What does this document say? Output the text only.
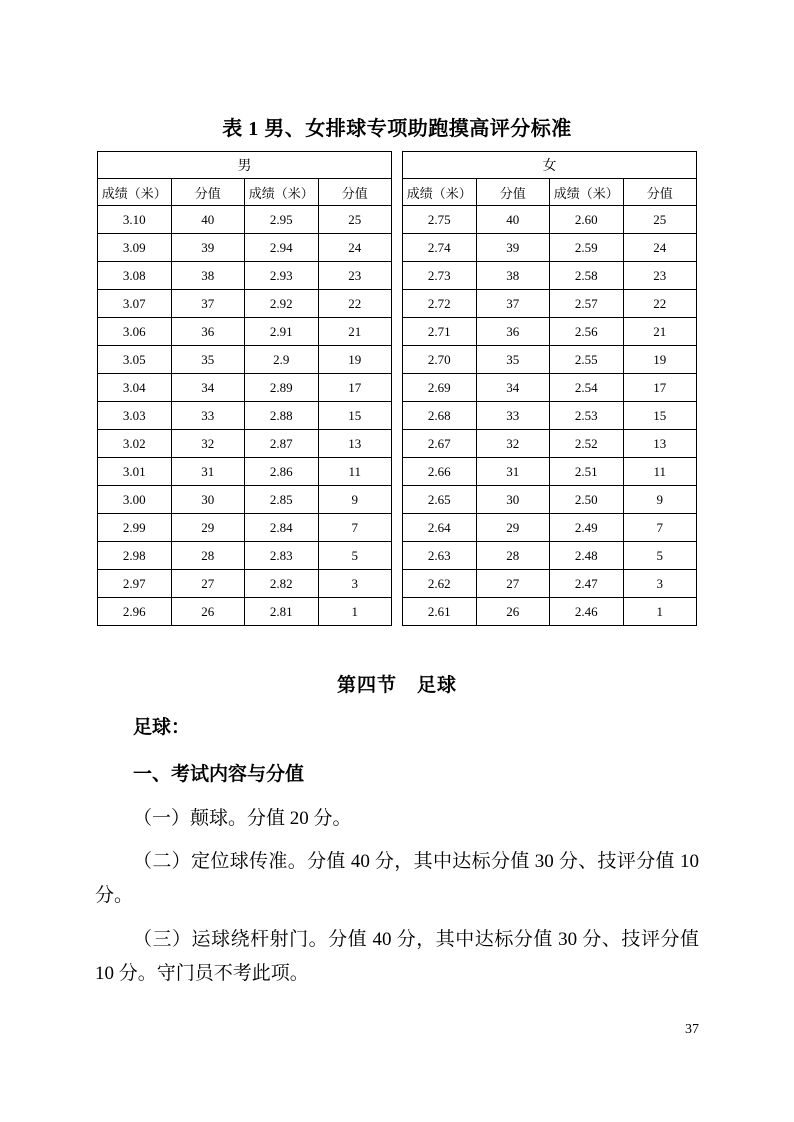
表 1 男、女排球专项助跑摸高评分标准
男					女			
成绩（米）	分值	成绩（米）	分值		成绩（米）	分值	成绩（米）	分值
3.10	40	2.95	25		2.75	40	2.60	25
3.09	39	2.94	24		2.74	39	2.59	24
3.08	38	2.93	23		2.73	38	2.58	23
3.07	37	2.92	22		2.72	37	2.57	22
3.06	36	2.91	21		2.71	36	2.56	21
3.05	35	2.9	19		2.70	35	2.55	19
3.04	34	2.89	17		2.69	34	2.54	17
3.03	33	2.88	15		2.68	33	2.53	15
3.02	32	2.87	13		2.67	32	2.52	13
3.01	31	2.86	11		2.66	31	2.51	11
3.00	30	2.85	9		2.65	30	2.50	9
2.99	29	2.84	7		2.64	29	2.49	7
2.98	28	2.83	5		2.63	28	2.48	5
2.97	27	2.82	3		2.62	27	2.47	3
2.96	26	2.81	1		2.61	26	2.46	1
第四节　足球
足球：
一、考试内容与分值
（一）颠球。分值 20 分。
（二）定位球传准。分值 40 分，其中达标分值 30 分、技评分值 10 分。
（三）运球绕杆射门。分值 40 分，其中达标分值 30 分、技评分值 10 分。守门员不考此项。
37
